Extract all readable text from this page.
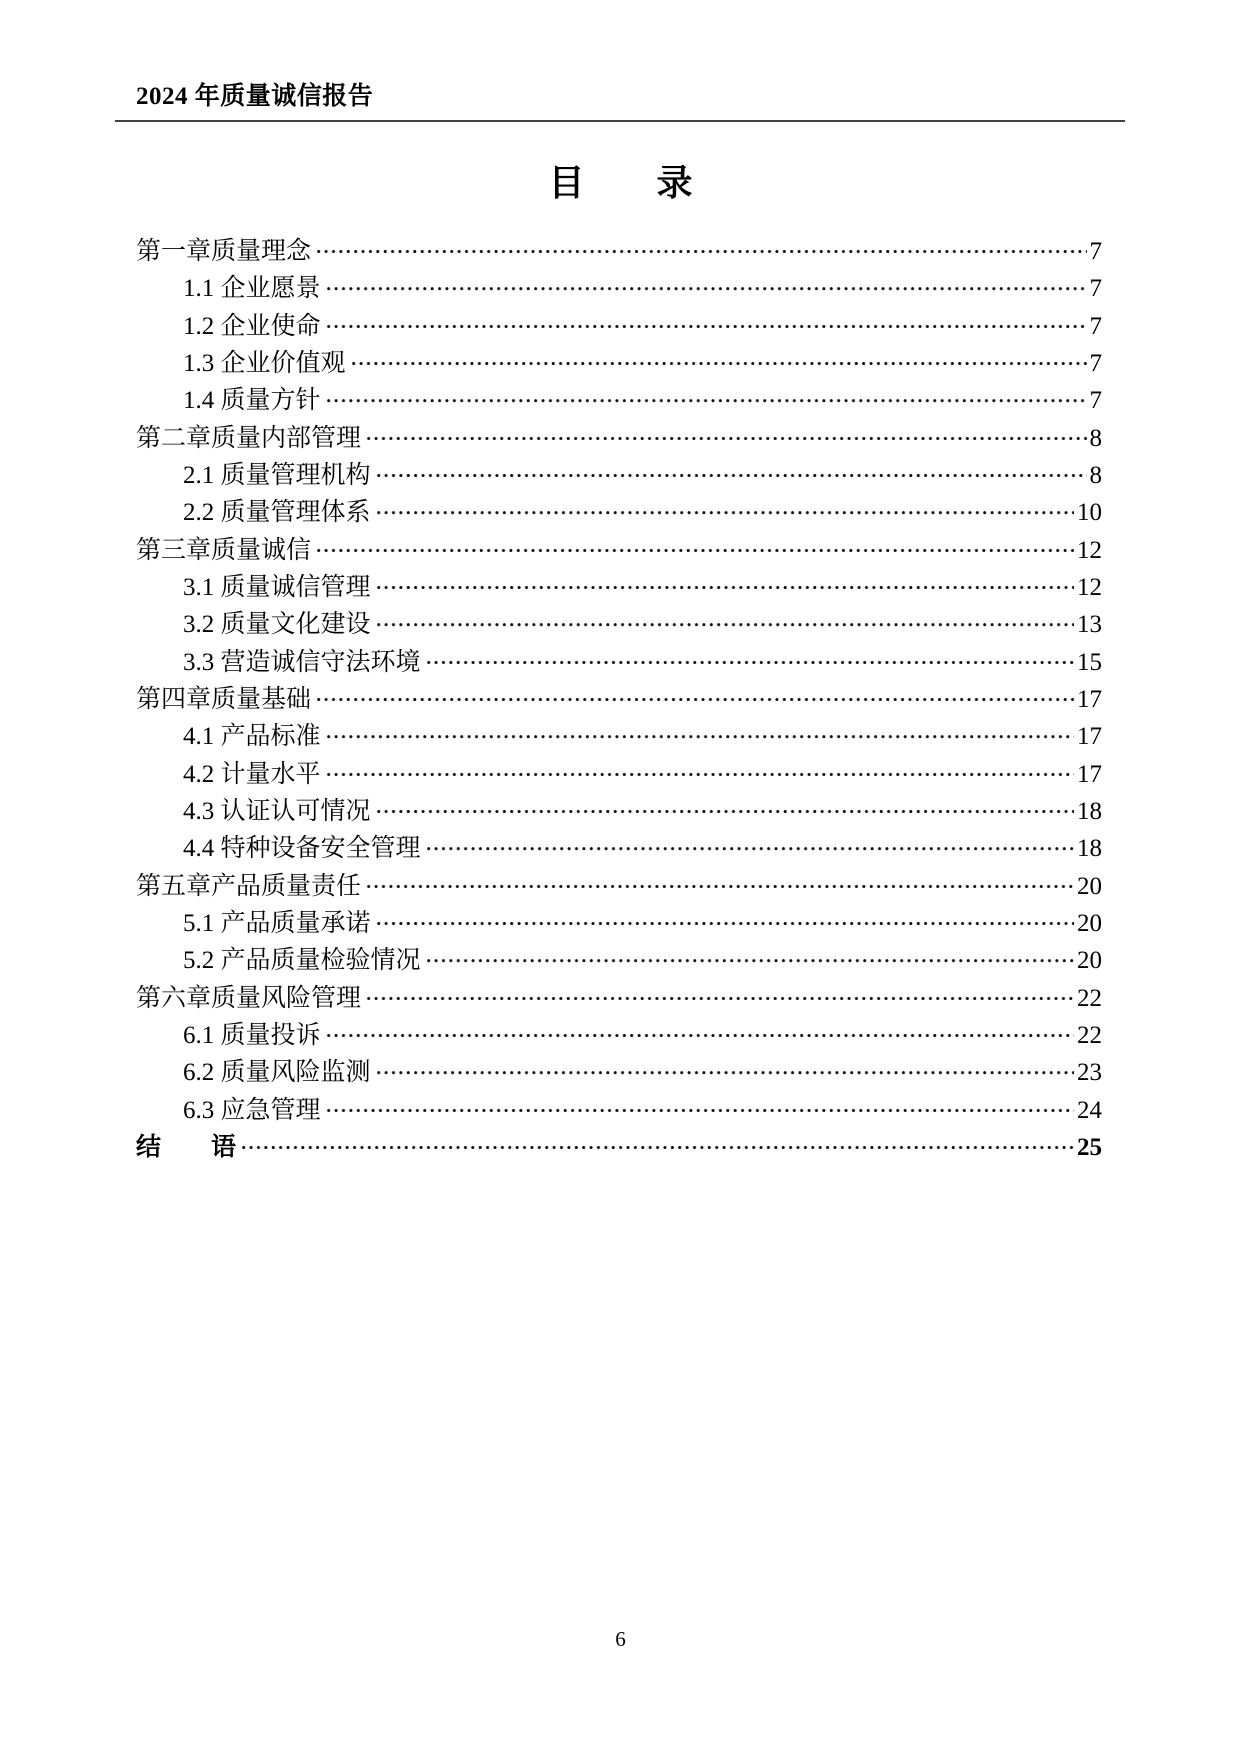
2024 年质量诚信报告
目　　录
第一章质量理念	7
1.1 企业愿景	7
1.2 企业使命	7
1.3 企业价值观	7
1.4 质量方针	7
第二章质量内部管理	8
2.1 质量管理机构	8
2.2 质量管理体系	10
第三章质量诚信	12
3.1 质量诚信管理	12
3.2 质量文化建设	13
3.3 营造诚信守法环境	15
第四章质量基础	17
4.1 产品标准	17
4.2 计量水平	17
4.3 认证认可情况	18
4.4 特种设备安全管理	18
第五章产品质量责任	20
5.1 产品质量承诺	20
5.2 产品质量检验情况	20
第六章质量风险管理	22
6.1 质量投诉	22
6.2 质量风险监测	23
6.3 应急管理	24
结　　语	25
6
